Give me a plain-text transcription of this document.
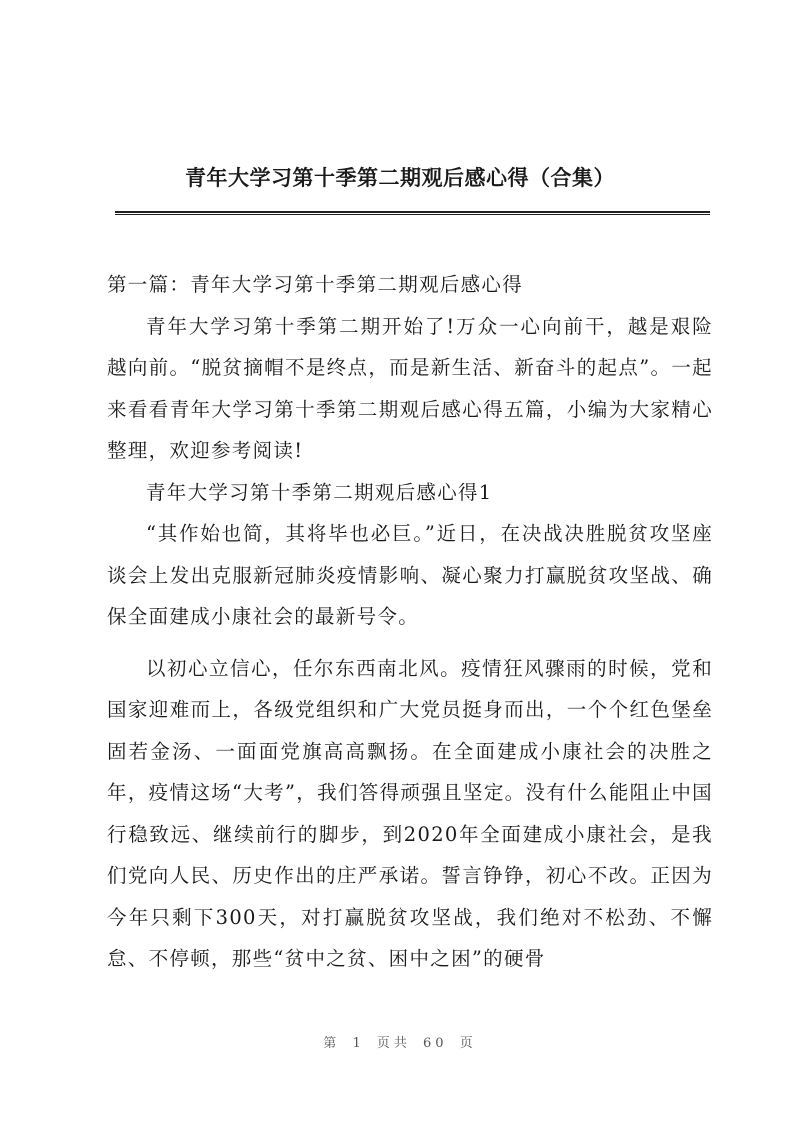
青年大学习第十季第二期观后感心得（合集）

第一篇：青年大学习第十季第二期观后感心得

青年大学习第十季第二期开始了!万众一心向前干，越是艰险越向前。“脱贫摘帽不是终点，而是新生活、新奋斗的起点”。一起来看看青年大学习第十季第二期观后感心得五篇，小编为大家精心整理，欢迎参考阅读!

青年大学习第十季第二期观后感心得1

“其作始也简，其将毕也必巨。”近日，在决战决胜脱贫攻坚座谈会上发出克服新冠肺炎疫情影响、凝心聚力打赢脱贫攻坚战、确保全面建成小康社会的最新号令。

以初心立信心，任尔东西南北风。疫情狂风骤雨的时候，党和国家迎难而上，各级党组织和广大党员挺身而出，一个个红色堡垒固若金汤、一面面党旗高高飘扬。在全面建成小康社会的决胜之年，疫情这场“大考”，我们答得顽强且坚定。没有什么能阻止中国行稳致远、继续前行的脚步，到2020年全面建成小康社会，是我们党向人民、历史作出的庄严承诺。誓言铮铮，初心不改。正因为今年只剩下300天，对打赢脱贫攻坚战，我们绝对不松劲、不懈怠、不停顿，那些“贫中之贫、困中之困”的硬骨

第 1 页共 60 页
